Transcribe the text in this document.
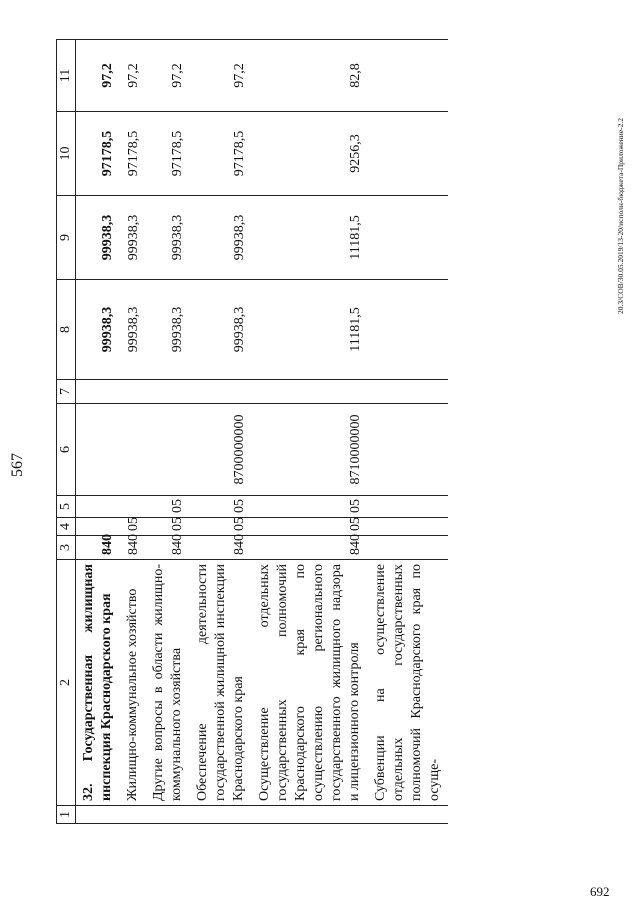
567
1	2	3	4	5	6	7	8	9	10	11
	32. Государственная жилищная инспекция Краснодарского края	840					99938,3	99938,3	97178,5	97,2
	Жилищно-коммунальное хозяйство	840	05				99938,3	99938,3	97178,5	97,2
	Другие вопросы в области жилищно-коммунального хозяйства	840	05	05			99938,3	99938,3	97178,5	97,2
	Обеспечение деятельности государственной жилищной инспекции Краснодарского края	840	05	05	8700000000		99938,3	99938,3	97178,5	97,2
	Осуществление отдельных государственных полномочий Краснодарского края по осуществлению регионального государственного жилищного надзора и лицензионного контроля	840	05	05	8710000000		11181,5	11181,5	9256,3	82,8
	Субвенции на осуществление отдельных государственных полномочий Краснодарского края по осуще-									
20.3/СОВ/30.05.2019/13-20/исполн-бюджета-Приложение-2.2
692
